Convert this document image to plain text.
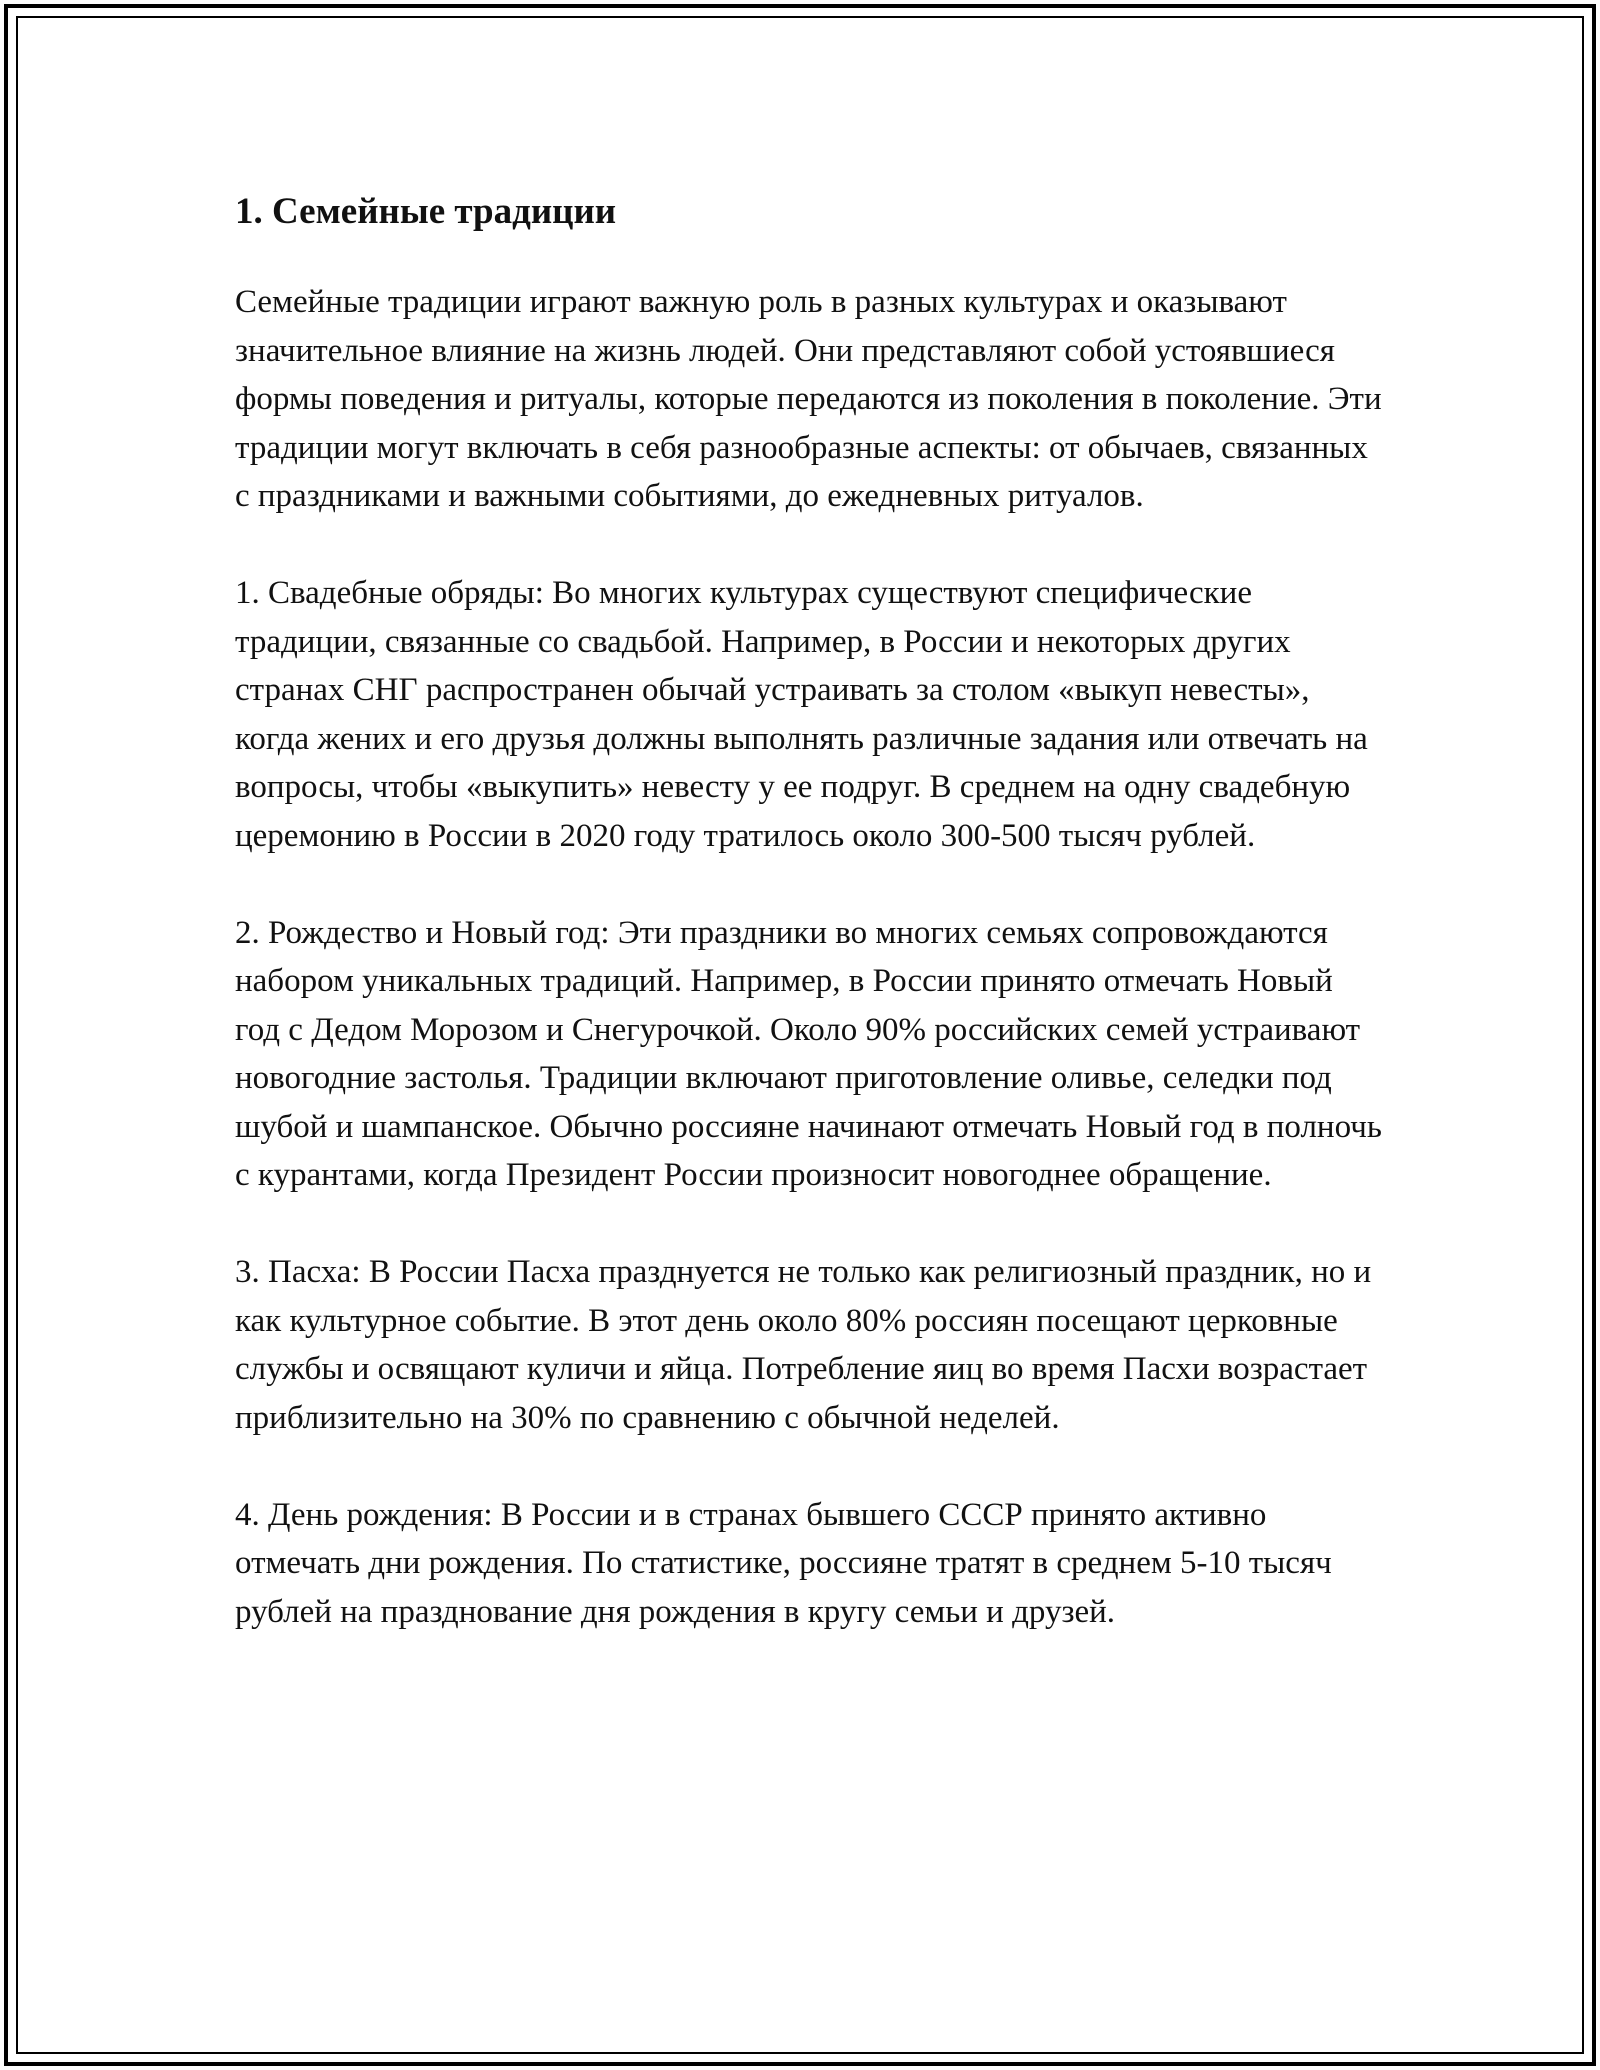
1. Семейные традиции

Семейные традиции играют важную роль в разных культурах и оказывают значительное влияние на жизнь людей. Они представляют собой устоявшиеся формы поведения и ритуалы, которые передаются из поколения в поколение. Эти традиции могут включать в себя разнообразные аспекты: от обычаев, связанных с праздниками и важными событиями, до ежедневных ритуалов.

1. Свадебные обряды: Во многих культурах существуют специфические традиции, связанные со свадьбой. Например, в России и некоторых других странах СНГ распространен обычай устраивать за столом «выкуп невесты», когда жених и его друзья должны выполнять различные задания или отвечать на вопросы, чтобы «выкупить» невесту у ее подруг. В среднем на одну свадебную церемонию в России в 2020 году тратилось около 300-500 тысяч рублей.

2. Рождество и Новый год: Эти праздники во многих семьях сопровождаются набором уникальных традиций. Например, в России принято отмечать Новый год с Дедом Морозом и Снегурочкой. Около 90% российских семей устраивают новогодние застолья. Традиции включают приготовление оливье, селедки под шубой и шампанское. Обычно россияне начинают отмечать Новый год в полночь с курантами, когда Президент России произносит новогоднее обращение.

3. Пасха: В России Пасха празднуется не только как религиозный праздник, но и как культурное событие. В этот день около 80% россиян посещают церковные службы и освящают куличи и яйца. Потребление яиц во время Пасхи возрастает приблизительно на 30% по сравнению с обычной неделей.

4. День рождения: В России и в странах бывшего СССР принято активно отмечать дни рождения. По статистике, россияне тратят в среднем 5-10 тысяч рублей на празднование дня рождения в кругу семьи и друзей.
